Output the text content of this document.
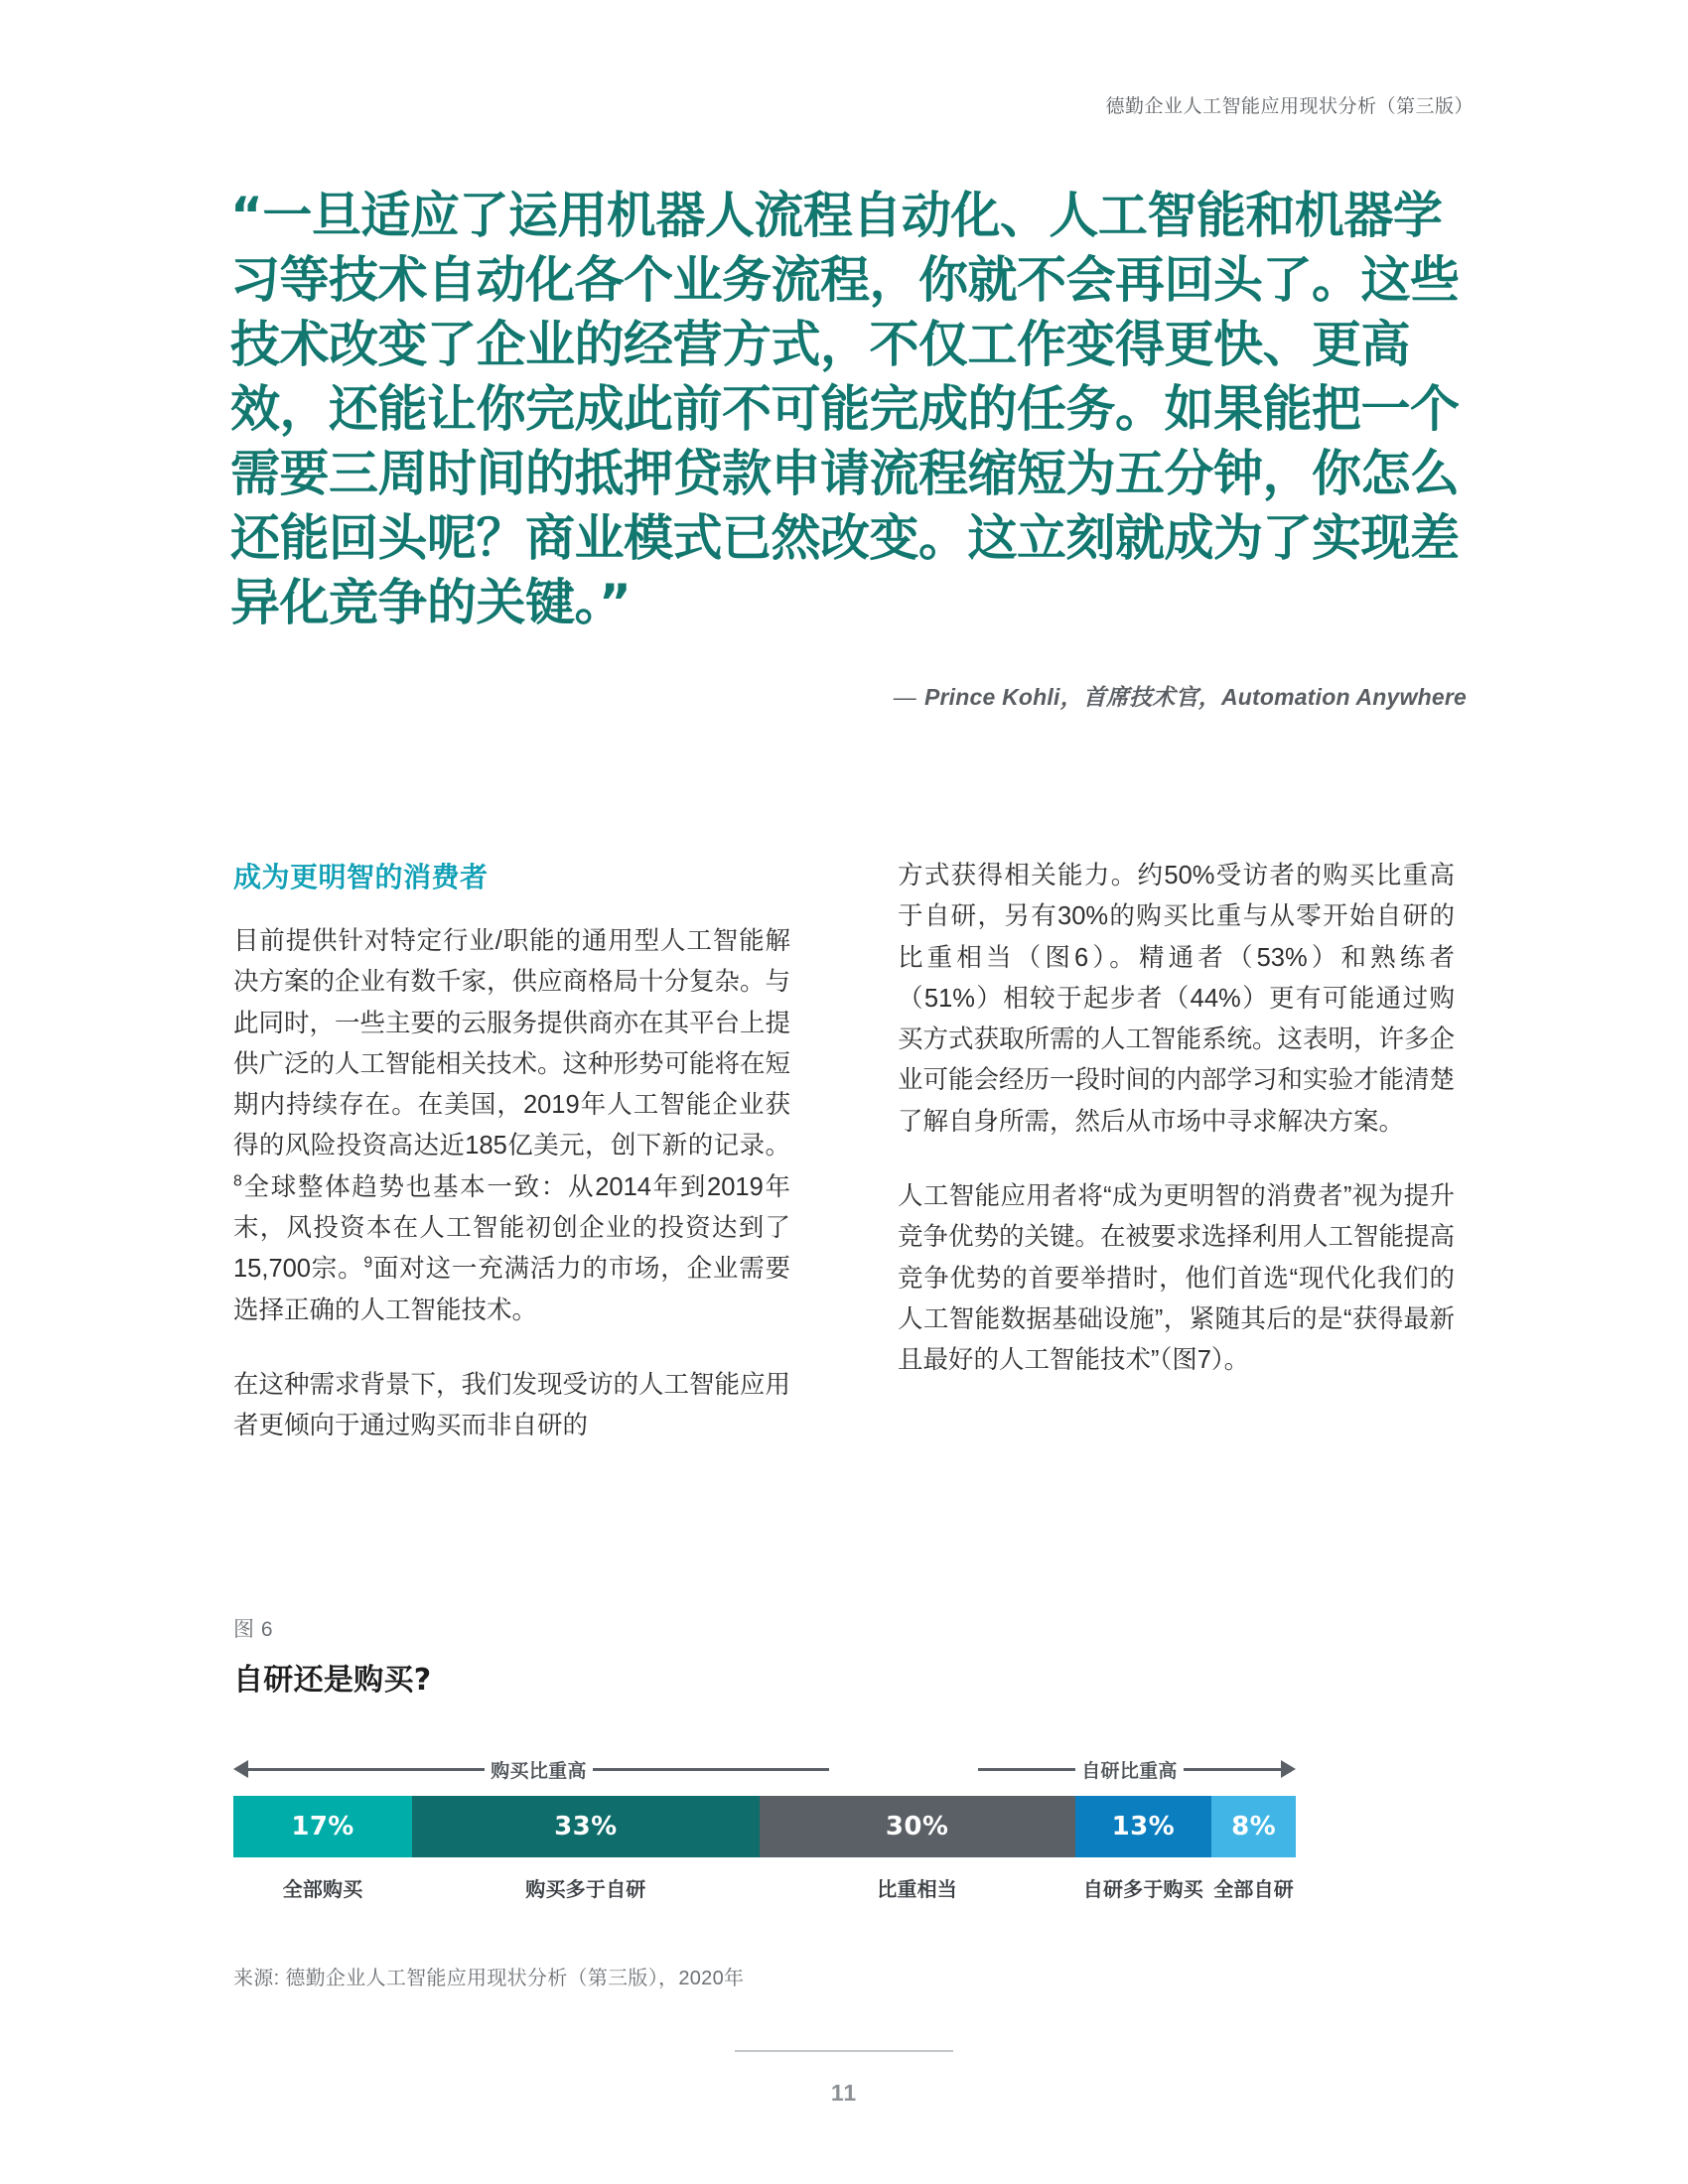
德勤企业人工智能应用现状分析（第三版）

“一旦适应了运用机器人流程自动化、人工智能和机器学习等技术自动化各个业务流程，你就不会再回头了。这些技术改变了企业的经营方式，不仅工作变得更快、更高效，还能让你完成此前不可能完成的任务。如果能把一个需要三周时间的抵押贷款申请流程缩短为五分钟，你怎么还能回头呢？商业模式已然改变。这立刻就成为了实现差异化竞争的关键。”

— Prince Kohli，首席技术官，Automation Anywhere

成为更明智的消费者

目前提供针对特定行业/职能的通用型人工智能解决方案的企业有数千家，供应商格局十分复杂。与此同时，一些主要的云服务提供商亦在其平台上提供广泛的人工智能相关技术。这种形势可能将在短期内持续存在。在美国，2019年人工智能企业获得的风险投资高达近185亿美元，创下新的记录。$^8$全球整体趋势也基本一致：从2014年到2019年末，风投资本在人工智能初创企业的投资达到了15,700宗。$^9$面对这一充满活力的市场，企业需要选择正确的人工智能技术。

在这种需求背景下，我们发现受访的人工智能应用者更倾向于通过购买而非自研的

方式获得相关能力。约50%受访者的购买比重高于自研，另有30%的购买比重与从零开始自研的比重相当（图6）。精通者（53%）和熟练者（51%）相较于起步者（44%）更有可能通过购买方式获取所需的人工智能系统。这表明，许多企业可能会经历一段时间的内部学习和实验才能清楚了解自身所需，然后从市场中寻求解决方案。

人工智能应用者将“成为更明智的消费者”视为提升竞争优势的关键。在被要求选择利用人工智能提高竞争优势的首要举措时，他们首选“现代化我们的人工智能数据基础设施”，紧随其后的是“获得最新且最好的人工智能技术”（图7）。

图 6
自研还是购买?
购买比重高	自研比重高
17%	33%	30%	13%	8%
全部购买	购买多于自研	比重相当	自研多于购买 全部自研
来源: 德勤企业人工智能应用现状分析（第三版），2020年
11
